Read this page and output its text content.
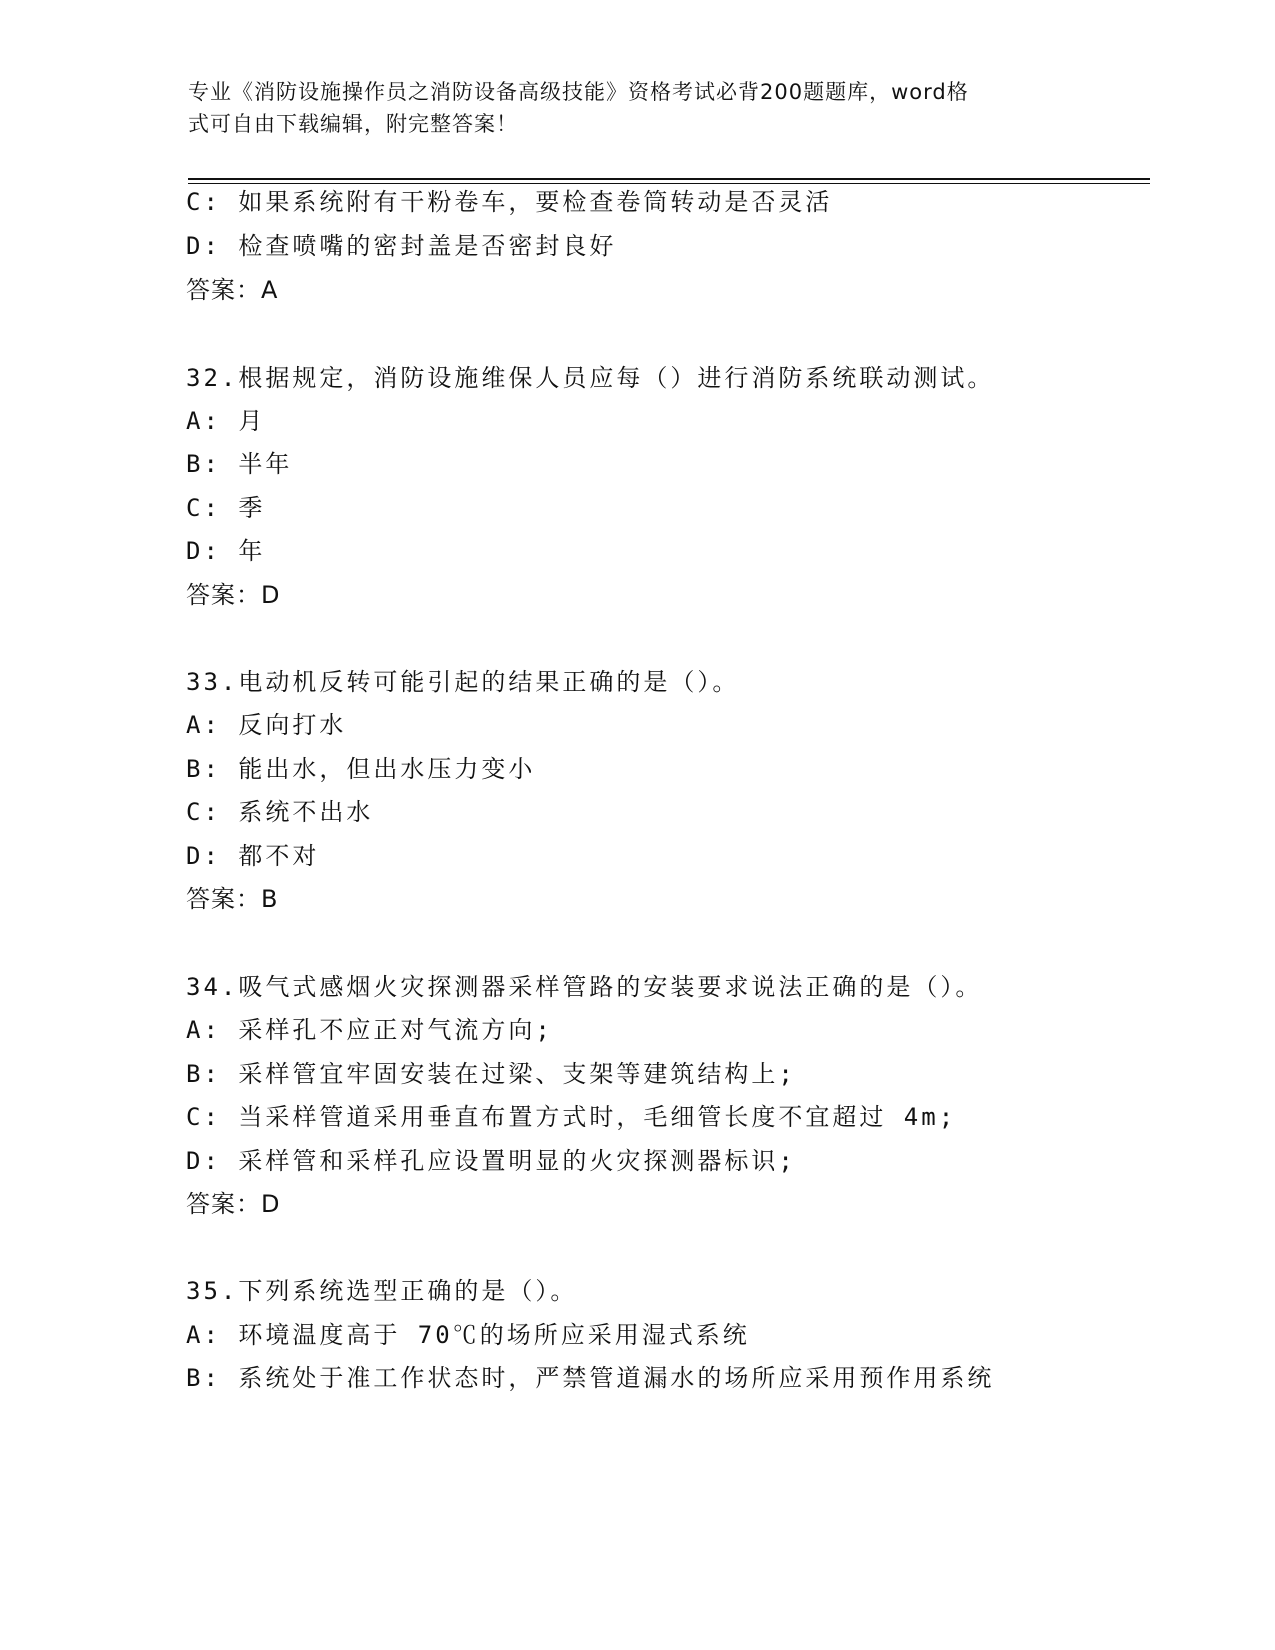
专业《消防设施操作员之消防设备高级技能》资格考试必背200题题库，word格
式可自由下载编辑，附完整答案！
C: 如果系统附有干粉卷车，要检查卷筒转动是否灵活
D: 检查喷嘴的密封盖是否密封良好
答案：A
32.根据规定，消防设施维保人员应每（）进行消防系统联动测试。
A: 月
B: 半年
C: 季
D: 年
答案：D
33.电动机反转可能引起的结果正确的是（）。
A: 反向打水
B: 能出水，但出水压力变小
C: 系统不出水
D: 都不对
答案：B
34.吸气式感烟火灾探测器采样管路的安装要求说法正确的是（）。
A: 采样孔不应正对气流方向;
B: 采样管宜牢固安装在过梁、支架等建筑结构上;
C: 当采样管道采用垂直布置方式时，毛细管长度不宜超过 4m;
D: 采样管和采样孔应设置明显的火灾探测器标识;
答案：D
35.下列系统选型正确的是（）。
A: 环境温度高于 70℃的场所应采用湿式系统
B: 系统处于准工作状态时，严禁管道漏水的场所应采用预作用系统
